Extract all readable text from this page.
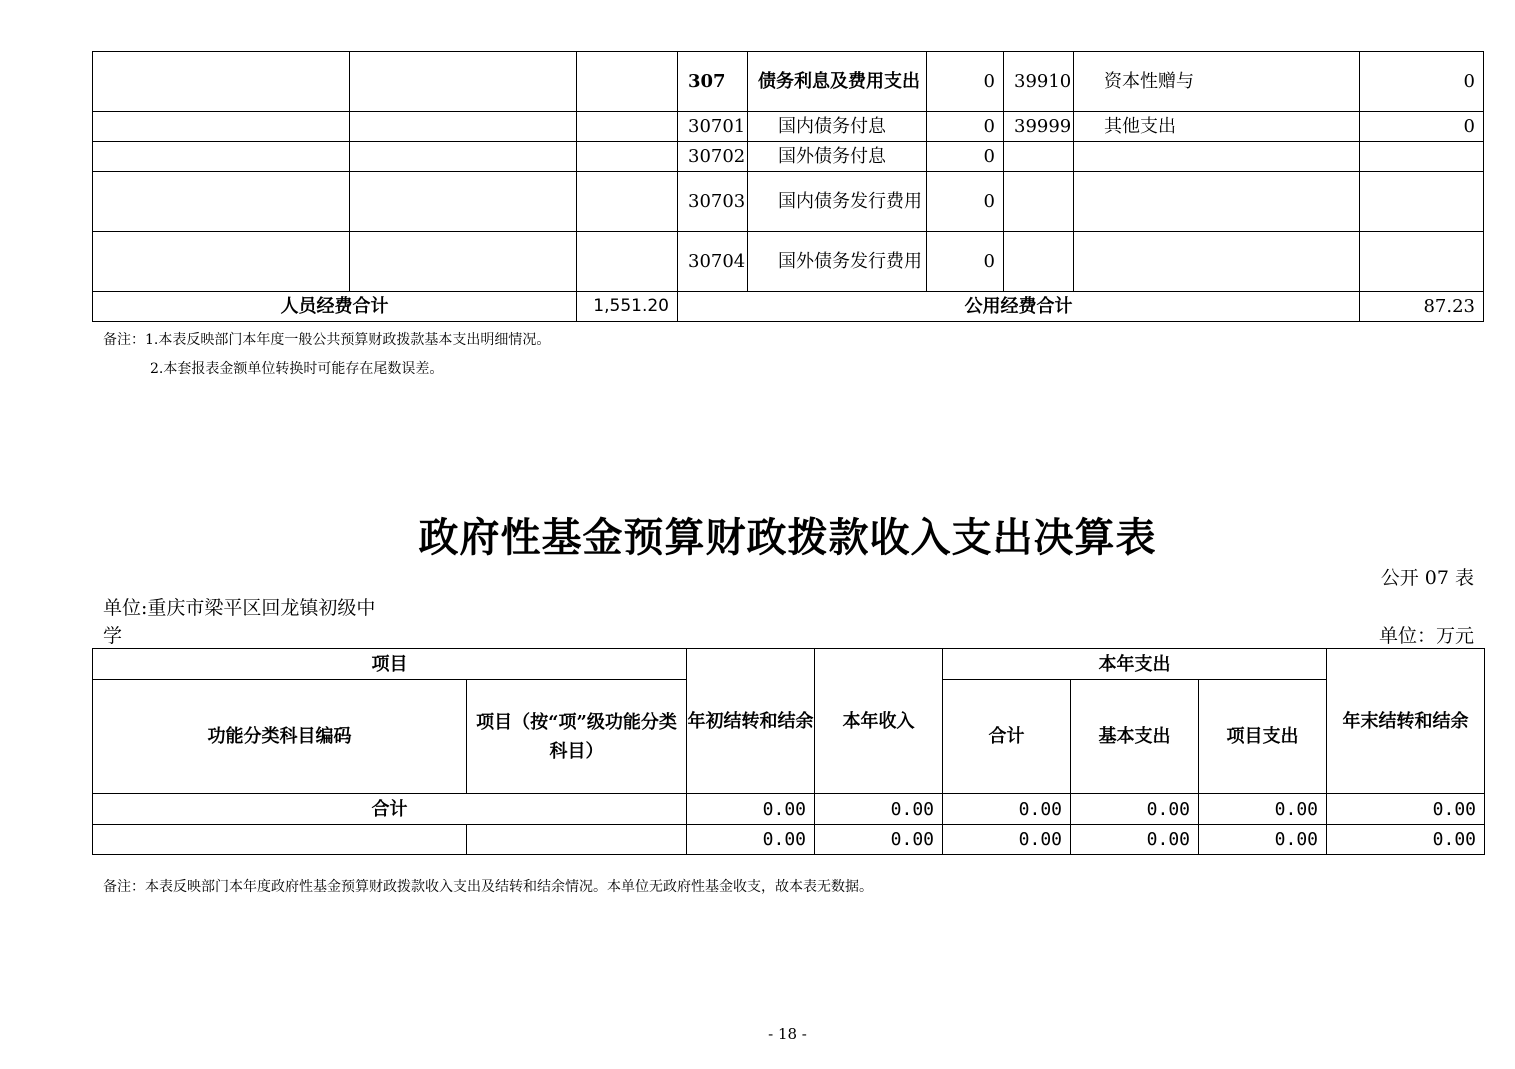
			307	债务利息及费用支出	0	39910	资本性赠与	0
			30701	国内债务付息	0	39999	其他支出	0
			30702	国外债务付息	0			
			30703	国内债务发行费用	0			
			30704	国外债务发行费用	0			
人员经费合计		1,551.20	公用经费合计					87.23
备注：1.本表反映部门本年度一般公共预算财政拨款基本支出明细情况。
2.本套报表金额单位转换时可能存在尾数误差。
政府性基金预算财政拨款收入支出决算表
公开 07 表
单位:重庆市梁平区回龙镇初级中
学	单位：万元
项目		年初结转和结余	本年收入	本年支出			年末结转和结余
功能分类科目编码	项目（按“项”级功能分类科目）			合计	基本支出	项目支出	
合计		0.00	0.00	0.00	0.00	0.00	0.00
		0.00	0.00	0.00	0.00	0.00	0.00
备注：本表反映部门本年度政府性基金预算财政拨款收入支出及结转和结余情况。本单位无政府性基金收支，故本表无数据。
- 18 -
